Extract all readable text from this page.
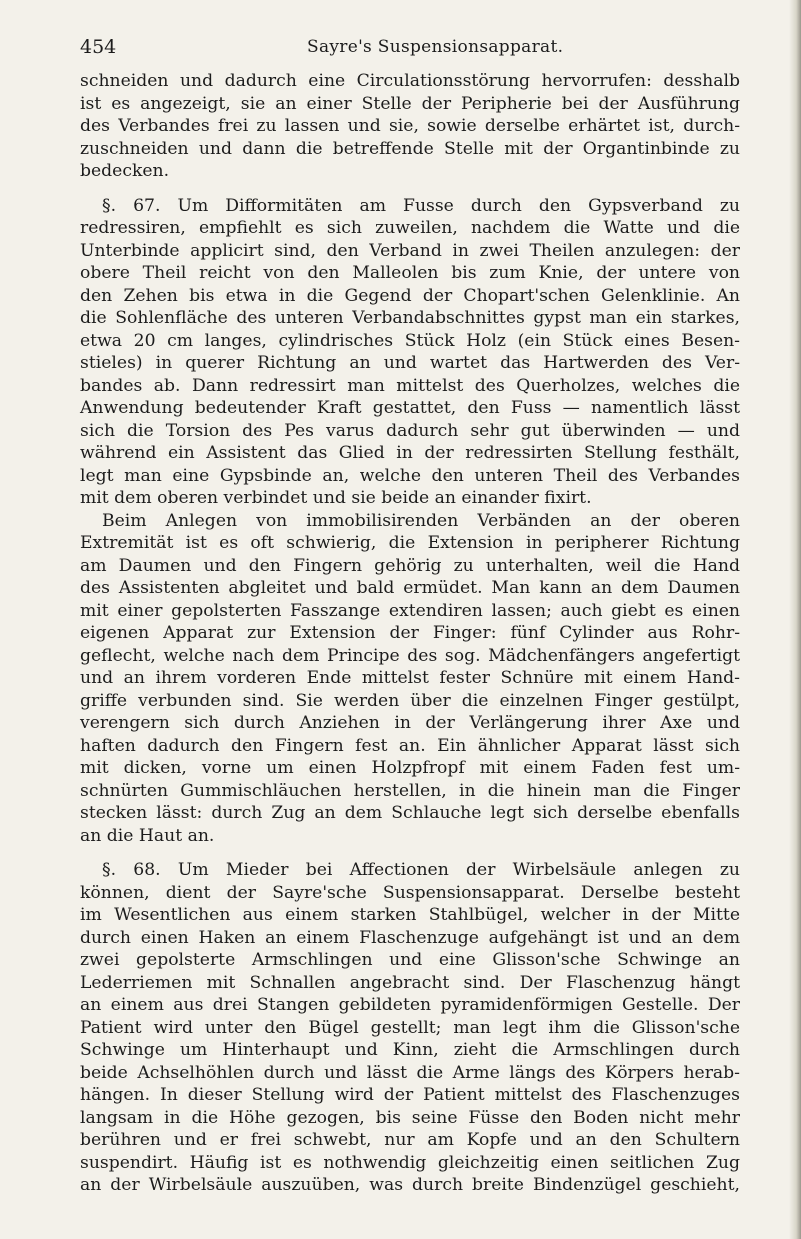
454	Sayre's Suspensionsapparat.
schneiden und dadurch eine Circulationsstörung hervorrufen: desshalb
ist es angezeigt, sie an einer Stelle der Peripherie bei der Ausführung
des Verbandes frei zu lassen und sie, sowie derselbe erhärtet ist, durch-
zuschneiden und dann die betreffende Stelle mit der Organtinbinde zu
bedecken.
§. 67. Um Difformitäten am Fusse durch den Gypsverband zu
redressiren, empfiehlt es sich zuweilen, nachdem die Watte und die
Unterbinde applicirt sind, den Verband in zwei Theilen anzulegen: der
obere Theil reicht von den Malleolen bis zum Knie, der untere von
den Zehen bis etwa in die Gegend der Chopart'schen Gelenklinie. An
die Sohlenfläche des unteren Verbandabschnittes gypst man ein starkes,
etwa 20 cm langes, cylindrisches Stück Holz (ein Stück eines Besen-
stieles) in querer Richtung an und wartet das Hartwerden des Ver-
bandes ab. Dann redressirt man mittelst des Querholzes, welches die
Anwendung bedeutender Kraft gestattet, den Fuss — namentlich lässt
sich die Torsion des Pes varus dadurch sehr gut überwinden — und
während ein Assistent das Glied in der redressirten Stellung festhält,
legt man eine Gypsbinde an, welche den unteren Theil des Verbandes
mit dem oberen verbindet und sie beide an einander fixirt.
Beim Anlegen von immobilisirenden Verbänden an der oberen
Extremität ist es oft schwierig, die Extension in peripherer Richtung
am Daumen und den Fingern gehörig zu unterhalten, weil die Hand
des Assistenten abgleitet und bald ermüdet. Man kann an dem Daumen
mit einer gepolsterten Fasszange extendiren lassen; auch giebt es einen
eigenen Apparat zur Extension der Finger: fünf Cylinder aus Rohr-
geflecht, welche nach dem Principe des sog. Mädchenfängers angefertigt
und an ihrem vorderen Ende mittelst fester Schnüre mit einem Hand-
griffe verbunden sind. Sie werden über die einzelnen Finger gestülpt,
verengern sich durch Anziehen in der Verlängerung ihrer Axe und
haften dadurch den Fingern fest an. Ein ähnlicher Apparat lässt sich
mit dicken, vorne um einen Holzpfropf mit einem Faden fest um-
schnürten Gummischläuchen herstellen, in die hinein man die Finger
stecken lässt: durch Zug an dem Schlauche legt sich derselbe ebenfalls
an die Haut an.
§. 68. Um Mieder bei Affectionen der Wirbelsäule anlegen zu
können, dient der Sayre'sche Suspensionsapparat. Derselbe besteht
im Wesentlichen aus einem starken Stahlbügel, welcher in der Mitte
durch einen Haken an einem Flaschenzuge aufgehängt ist und an dem
zwei gepolsterte Armschlingen und eine Glisson'sche Schwinge an
Lederriemen mit Schnallen angebracht sind. Der Flaschenzug hängt
an einem aus drei Stangen gebildeten pyramidenförmigen Gestelle. Der
Patient wird unter den Bügel gestellt; man legt ihm die Glisson'sche
Schwinge um Hinterhaupt und Kinn, zieht die Armschlingen durch
beide Achselhöhlen durch und lässt die Arme längs des Körpers herab-
hängen. In dieser Stellung wird der Patient mittelst des Flaschenzuges
langsam in die Höhe gezogen, bis seine Füsse den Boden nicht mehr
berühren und er frei schwebt, nur am Kopfe und an den Schultern
suspendirt. Häufig ist es nothwendig gleichzeitig einen seitlichen Zug
an der Wirbelsäule auszuüben, was durch breite Bindenzügel geschieht,
